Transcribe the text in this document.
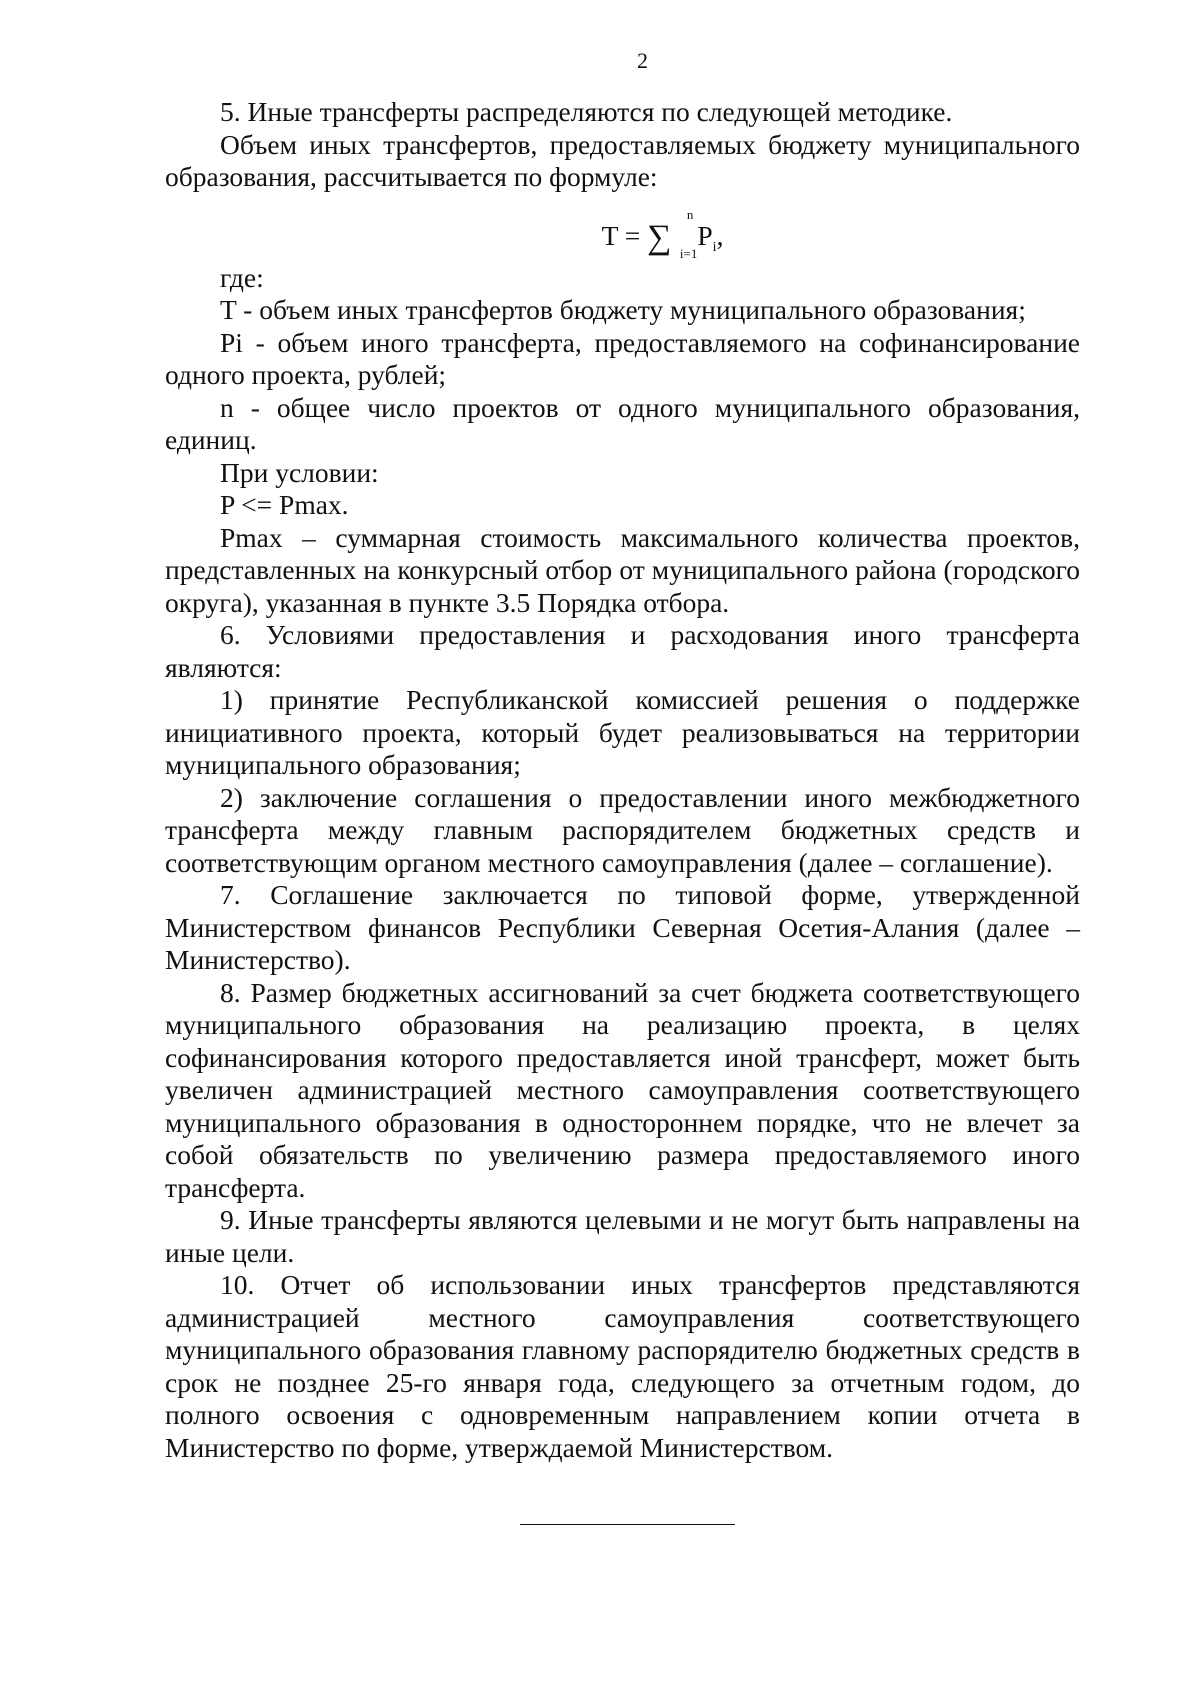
2

5. Иные трансферты распределяются по следующей методике.

Объем иных трансфертов, предоставляемых бюджету муниципального образования, рассчитывается по формуле:

T = ∑
n
i=1
$P_i$,

где:

T - объем иных трансфертов бюджету муниципального образования;

Pi - объем иного трансферта, предоставляемого на софинансирование одного проекта, рублей;

n - общее число проектов от одного муниципального образования, единиц.

При условии:

P <= Pmax.

Pmax – суммарная стоимость максимального количества проектов, представленных на конкурсный отбор от муниципального района (городского округа), указанная в пункте 3.5 Порядка отбора.

6. Условиями предоставления и расходования иного трансферта являются:

1) принятие Республиканской комиссией решения о поддержке инициативного проекта, который будет реализовываться на территории муниципального образования;

2) заключение соглашения о предоставлении иного межбюджетного трансферта между главным распорядителем бюджетных средств и соответствующим органом местного самоуправления (далее – соглашение).

7. Соглашение заключается по типовой форме, утвержденной Министерством финансов Республики Северная Осетия-Алания (далее – Министерство).

8. Размер бюджетных ассигнований за счет бюджета соответствующего муниципального образования на реализацию проекта, в целях софинансирования которого предоставляется иной трансферт, может быть увеличен администрацией местного самоуправления соответствующего муниципального образования в одностороннем порядке, что не влечет за собой обязательств по увеличению размера предоставляемого иного трансферта.

9. Иные трансферты являются целевыми и не могут быть направлены на иные цели.

10. Отчет об использовании иных трансфертов представляются администрацией местного самоуправления соответствующего муниципального образования главному распорядителю бюджетных средств в срок не позднее 25-го января года, следующего за отчетным годом, до полного освоения с одновременным направлением копии отчета в Министерство по форме, утверждаемой Министерством.
